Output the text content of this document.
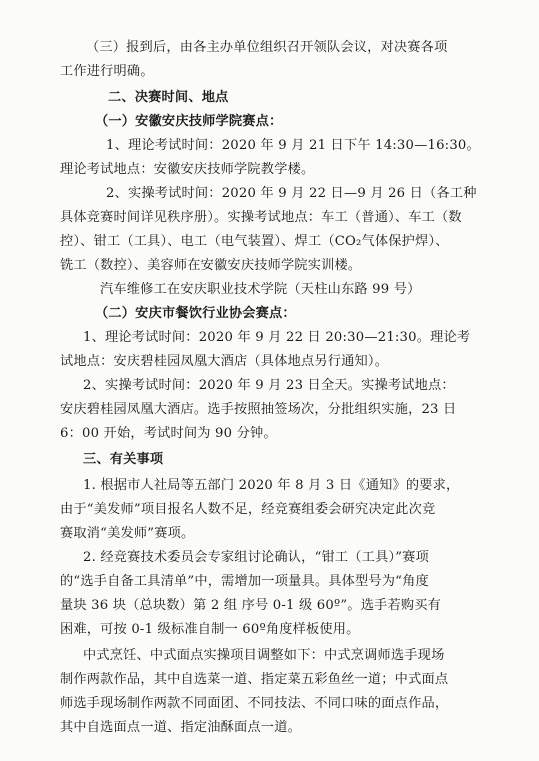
（三）报到后，由各主办单位组织召开领队会议，对决赛各项
工作进行明确。
二、决赛时间、地点
（一）安徽安庆技师学院赛点：
1、理论考试时间：2020 年 9 月 21 日下午 14:30—16:30。
理论考试地点：安徽安庆技师学院教学楼。
2、实操考试时间：2020 年 9 月 22 日—9 月 26 日（各工种
具体竞赛时间详见秩序册）。实操考试地点：车工（普通）、车工（数
控）、钳工（工具）、电工（电气装置）、焊工（CO₂气体保护焊）、
铣工（数控）、美容师在安徽安庆技师学院实训楼。
汽车维修工在安庆职业技术学院（天柱山东路 99 号）
（二）安庆市餐饮行业协会赛点：
1、理论考试时间：2020 年 9 月 22 日 20:30—21:30。理论考
试地点：安庆碧桂园凤凰大酒店（具体地点另行通知）。
2、实操考试时间：2020 年 9 月 23 日全天。实操考试地点：
安庆碧桂园凤凰大酒店。选手按照抽签场次，分批组织实施，23 日
6：00 开始，考试时间为 90 分钟。
三、有关事项
1. 根据市人社局等五部门 2020 年 8 月 3 日《通知》的要求，
由于“美发师”项目报名人数不足，经竞赛组委会研究决定此次竞
赛取消“美发师”赛项。
2. 经竞赛技术委员会专家组讨论确认，“钳工（工具）”赛项
的“选手自备工具清单”中，需增加一项量具。具体型号为“角度
量块 36 块（总块数）第 2 组 序号 0-1 级 60º”。选手若购买有
困难，可按 0-1 级标准自制一 60º角度样板使用。
中式烹饪、中式面点实操项目调整如下：中式烹调师选手现场
制作两款作品，其中自选菜一道、指定菜五彩鱼丝一道；中式面点
师选手现场制作两款不同面团、不同技法、不同口味的面点作品，
其中自选面点一道、指定油酥面点一道。
